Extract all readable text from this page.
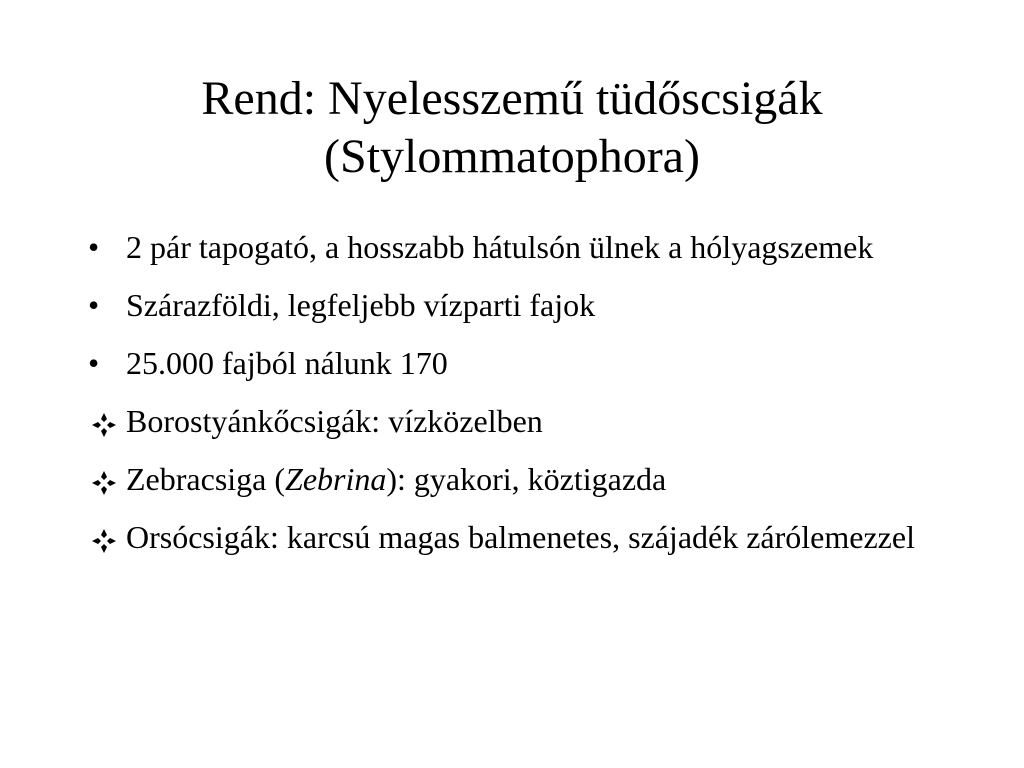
Rend: Nyelesszemű tüdőscsigák
(Stylommatophora)
• 2 pár tapogató, a hosszabb hátulsón ülnek a hólyagszemek
• Szárazföldi, legfeljebb vízparti fajok
• 25.000 fajból nálunk 170
Borostyánkőcsigák: vízközelben
Zebracsiga (Zebrina): gyakori, köztigazda
Orsócsigák: karcsú magas balmenetes, szájadék zárólemezzel
